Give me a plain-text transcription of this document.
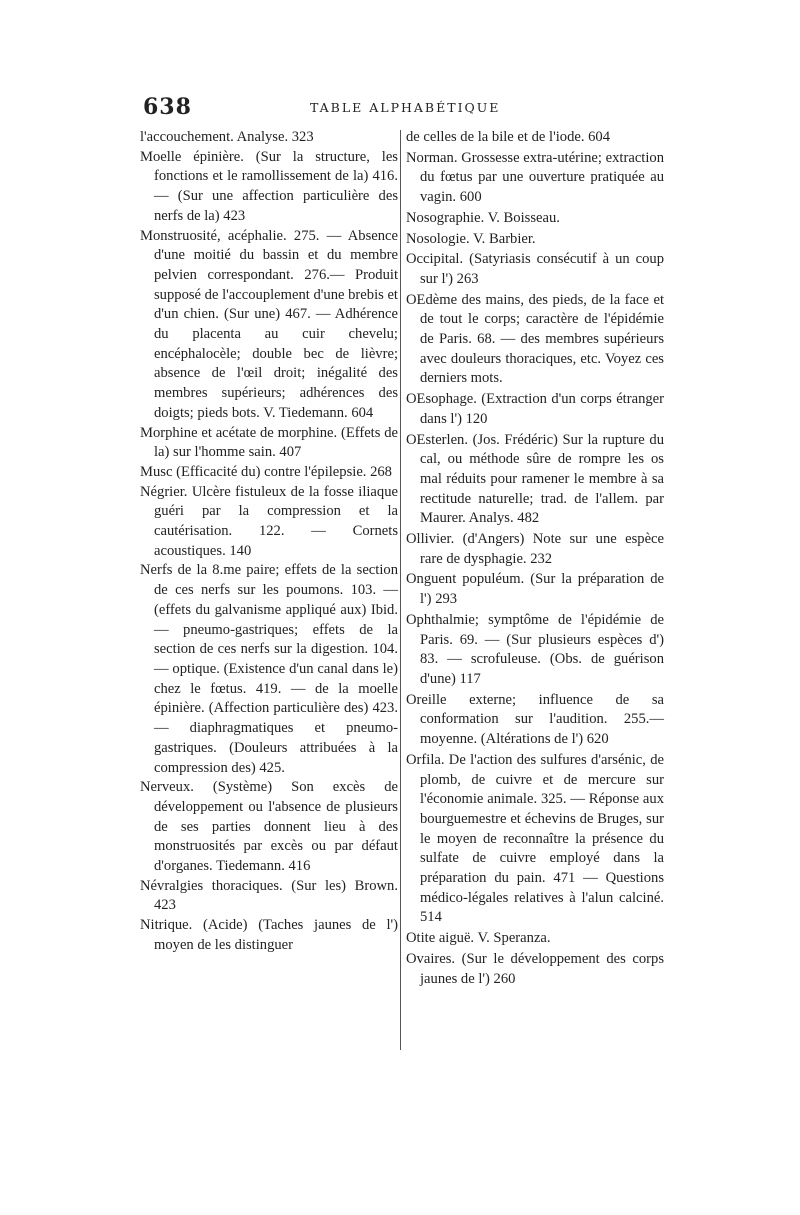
638	TABLE ALPHABÉTIQUE
l'accouchement. Analyse. 323
Moelle épinière. (Sur la structure, les fonctions et le ramollissement de la) 416. — (Sur une affection particulière des nerfs de la) 423
Monstruosité, acéphalie. 275. — Absence d'une moitié du bassin et du membre pelvien correspondant. 276.— Produit supposé de l'accouplement d'une brebis et d'un chien. (Sur une) 467. — Adhérence du placenta au cuir chevelu; encéphalocèle; double bec de lièvre; absence de l'œil droit; inégalité des membres supérieurs; adhérences des doigts; pieds bots. V. Tiedemann. 604
Morphine et acétate de morphine. (Effets de la) sur l'homme sain. 407
Musc (Efficacité du) contre l'épilepsie. 268
Négrier. Ulcère fistuleux de la fosse iliaque guéri par la compression et la cautérisation. 122. — Cornets acoustiques. 140
Nerfs de la 8.me paire; effets de la section de ces nerfs sur les poumons. 103. — (effets du galvanisme appliqué aux) Ibid. — pneumo-gastriques; effets de la section de ces nerfs sur la digestion. 104. — optique. (Existence d'un canal dans le) chez le fœtus. 419. — de la moelle épinière. (Affection particulière des) 423. — diaphragmatiques et pneumo-gastriques. (Douleurs attribuées à la compression des) 425.
Nerveux. (Système) Son excès de développement ou l'absence de plusieurs de ses parties donnent lieu à des monstruosités par excès ou par défaut d'organes. Tiedemann. 416
Névralgies thoraciques. (Sur les) Brown. 423
Nitrique. (Acide) (Taches jaunes de l') moyen de les distinguer
de celles de la bile et de l'iode. 604
Norman. Grossesse extra-utérine; extraction du fœtus par une ouverture pratiquée au vagin. 600
Nosographie. V. Boisseau.
Nosologie. V. Barbier.
Occipital. (Satyriasis consécutif à un coup sur l') 263
OEdème des mains, des pieds, de la face et de tout le corps; caractère de l'épidémie de Paris. 68. — des membres supérieurs avec douleurs thoraciques, etc. Voyez ces derniers mots.
OEsophage. (Extraction d'un corps étranger dans l') 120
OEsterlen. (Jos. Frédéric) Sur la rupture du cal, ou méthode sûre de rompre les os mal réduits pour ramener le membre à sa rectitude naturelle; trad. de l'allem. par Maurer. Analys. 482
Ollivier. (d'Angers) Note sur une espèce rare de dysphagie. 232
Onguent populéum. (Sur la préparation de l') 293
Ophthalmie; symptôme de l'épidémie de Paris. 69. — (Sur plusieurs espèces d') 83. — scrofuleuse. (Obs. de guérison d'une) 117
Oreille externe; influence de sa conformation sur l'audition. 255.—moyenne. (Altérations de l') 620
Orfila. De l'action des sulfures d'arsénic, de plomb, de cuivre et de mercure sur l'économie animale. 325. — Réponse aux bourguemestre et échevins de Bruges, sur le moyen de reconnaître la présence du sulfate de cuivre employé dans la préparation du pain. 471 — Questions médico-légales relatives à l'alun calciné. 514
Otite aiguë. V. Speranza.
Ovaires. (Sur le développement des corps jaunes de l') 260
